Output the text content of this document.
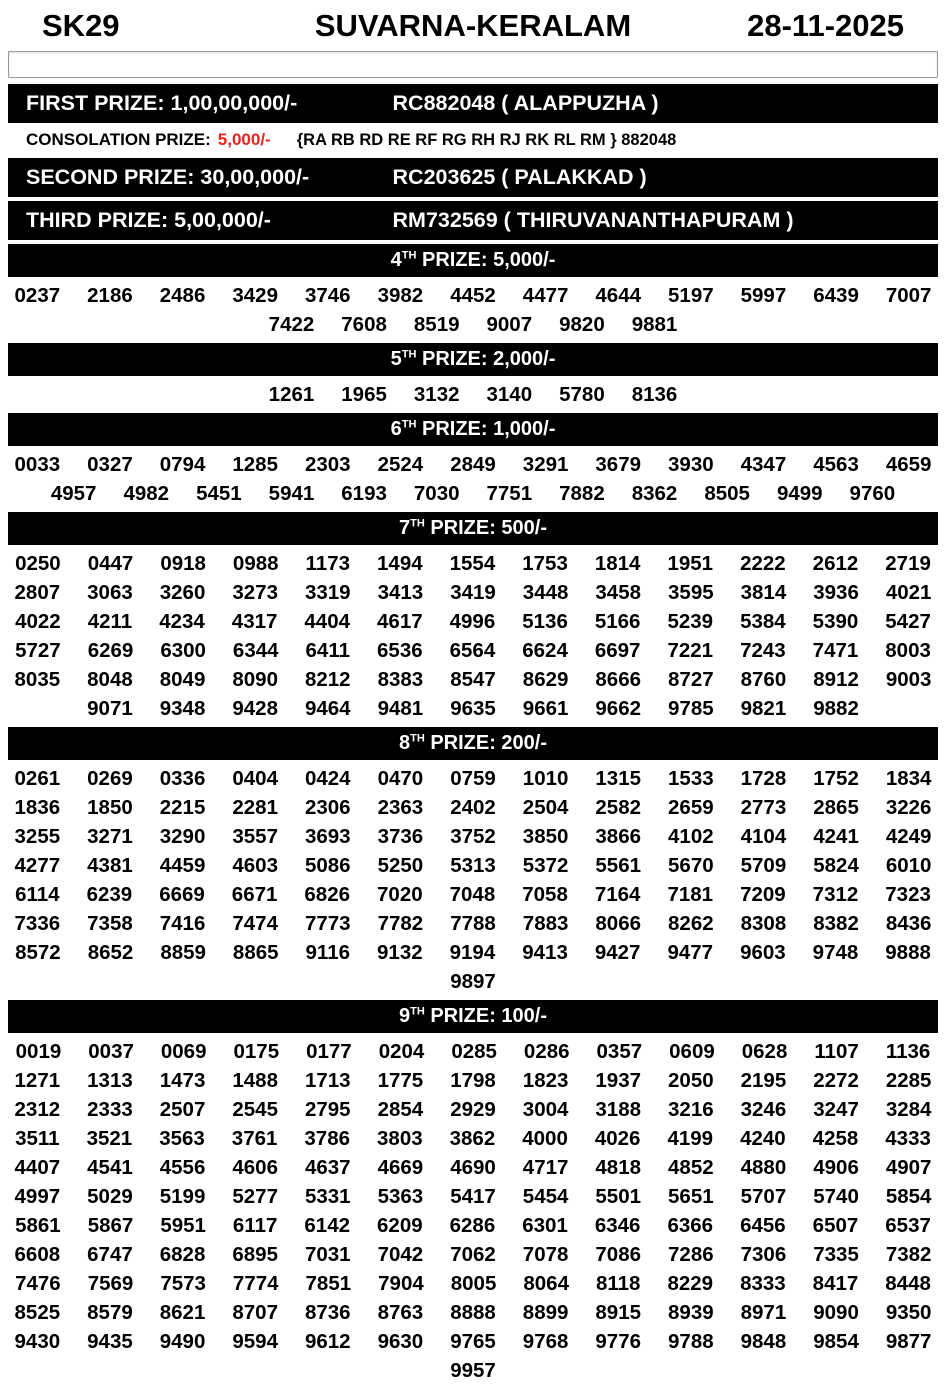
SK29	SUVARNA-KERALAM	28-11-2025
FIRST PRIZE: 1,00,00,000/-	RC882048 ( ALAPPUZHA )
CONSOLATION PRIZE: 5,000/- {RA RB RD RE RF RG RH RJ RK RL RM } 882048
SECOND PRIZE: 30,00,000/-	RC203625 ( PALAKKAD )
THIRD PRIZE: 5,00,000/-	RM732569 ( THIRUVANANTHAPURAM )
4TH PRIZE: 5,000/-
0237 2186 2486 3429 3746 3982 4452 4477 4644 5197 5997 6439 7007
7422 7608 8519 9007 9820 9881
5TH PRIZE: 2,000/-
1261 1965 3132 3140 5780 8136
6TH PRIZE: 1,000/-
0033 0327 0794 1285 2303 2524 2849 3291 3679 3930 4347 4563 4659
4957 4982 5451 5941 6193 7030 7751 7882 8362 8505 9499 9760
7TH PRIZE: 500/-
0250 0447 0918 0988 1173 1494 1554 1753 1814 1951 2222 2612 2719
2807 3063 3260 3273 3319 3413 3419 3448 3458 3595 3814 3936 4021
4022 4211 4234 4317 4404 4617 4996 5136 5166 5239 5384 5390 5427
5727 6269 6300 6344 6411 6536 6564 6624 6697 7221 7243 7471 8003
8035 8048 8049 8090 8212 8383 8547 8629 8666 8727 8760 8912 9003
9071 9348 9428 9464 9481 9635 9661 9662 9785 9821 9882
8TH PRIZE: 200/-
0261 0269 0336 0404 0424 0470 0759 1010 1315 1533 1728 1752 1834
1836 1850 2215 2281 2306 2363 2402 2504 2582 2659 2773 2865 3226
3255 3271 3290 3557 3693 3736 3752 3850 3866 4102 4104 4241 4249
4277 4381 4459 4603 5086 5250 5313 5372 5561 5670 5709 5824 6010
6114 6239 6669 6671 6826 7020 7048 7058 7164 7181 7209 7312 7323
7336 7358 7416 7474 7773 7782 7788 7883 8066 8262 8308 8382 8436
8572 8652 8859 8865 9116 9132 9194 9413 9427 9477 9603 9748 9888
9897
9TH PRIZE: 100/-
0019 0037 0069 0175 0177 0204 0285 0286 0357 0609 0628 1107 1136
1271 1313 1473 1488 1713 1775 1798 1823 1937 2050 2195 2272 2285
2312 2333 2507 2545 2795 2854 2929 3004 3188 3216 3246 3247 3284
3511 3521 3563 3761 3786 3803 3862 4000 4026 4199 4240 4258 4333
4407 4541 4556 4606 4637 4669 4690 4717 4818 4852 4880 4906 4907
4997 5029 5199 5277 5331 5363 5417 5454 5501 5651 5707 5740 5854
5861 5867 5951 6117 6142 6209 6286 6301 6346 6366 6456 6507 6537
6608 6747 6828 6895 7031 7042 7062 7078 7086 7286 7306 7335 7382
7476 7569 7573 7774 7851 7904 8005 8064 8118 8229 8333 8417 8448
8525 8579 8621 8707 8736 8763 8888 8899 8915 8939 8971 9090 9350
9430 9435 9490 9594 9612 9630 9765 9768 9776 9788 9848 9854 9877
9957
